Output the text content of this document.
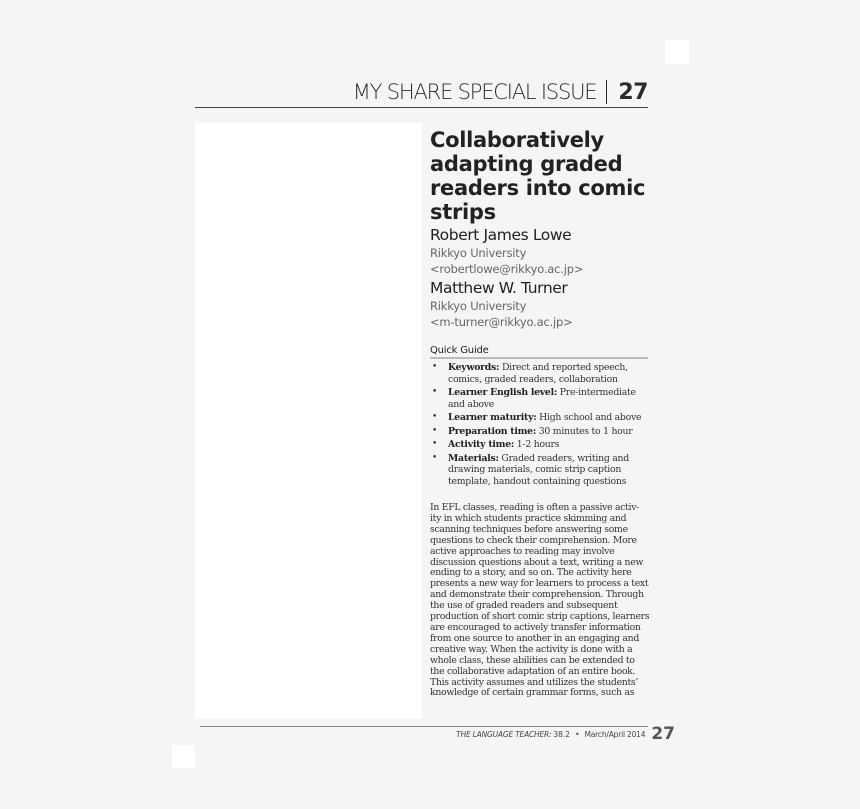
MY SHARE SPECIAL ISSUE 27
Collaboratively adapting graded readers into comic strips
Robert James Lowe
Rikkyo University
<robertlowe@rikkyo.ac.jp>
Matthew W. Turner
Rikkyo University
<m-turner@rikkyo.ac.jp>
Quick Guide
• Keywords: Direct and reported speech, comics, graded readers, collaboration
• Learner English level: Pre-intermediate and above
• Learner maturity: High school and above
• Preparation time: 30 minutes to 1 hour
• Activity time: 1-2 hours
• Materials: Graded readers, writing and drawing materials, comic strip caption template, handout containing questions
In EFL classes, reading is often a passive activ-
ity in which students practice skimming and
scanning techniques before answering some
questions to check their comprehension. More
active approaches to reading may involve
discussion questions about a text, writing a new
ending to a story, and so on. The activity here
presents a new way for learners to process a text
and demonstrate their comprehension. Through
the use of graded readers and subsequent
production of short comic strip captions, learners
are encouraged to actively transfer information
from one source to another in an engaging and
creative way. When the activity is done with a
whole class, these abilities can be extended to
the collaborative adaptation of an entire book.
This activity assumes and utilizes the students’
knowledge of certain grammar forms, such as
THE LANGUAGE TEACHER: 38.2 • March/April 2014 27
